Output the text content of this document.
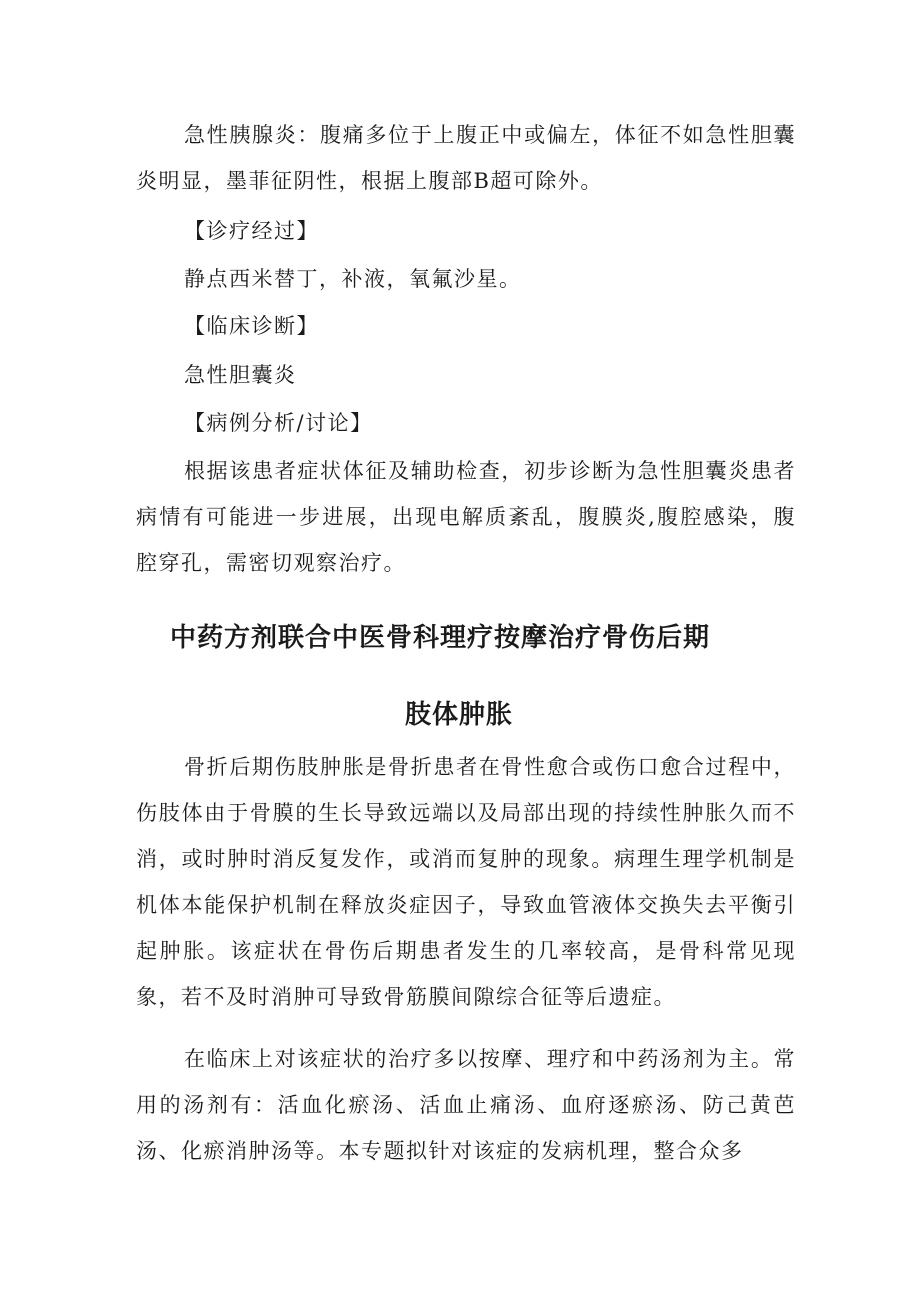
急性胰腺炎：腹痛多位于上腹正中或偏左，体征不如急性胆囊炎明显，墨菲征阴性，根据上腹部B超可除外。

【诊疗经过】

静点西米替丁，补液，氧氟沙星。

【临床诊断】

急性胆囊炎

【病例分析/讨论】

根据该患者症状体征及辅助检查，初步诊断为急性胆囊炎患者病情有可能进一步进展，出现电解质紊乱，腹膜炎,腹腔感染，腹腔穿孔，需密切观察治疗。

中药方剂联合中医骨科理疗按摩治疗骨伤后期
肢体肿胀

骨折后期伤肢肿胀是骨折患者在骨性愈合或伤口愈合过程中，伤肢体由于骨膜的生长导致远端以及局部出现的持续性肿胀久而不消，或时肿时消反复发作，或消而复肿的现象。病理生理学机制是机体本能保护机制在释放炎症因子，导致血管液体交换失去平衡引起肿胀。该症状在骨伤后期患者发生的几率较高，是骨科常见现象，若不及时消肿可导致骨筋膜间隙综合征等后遗症。

在临床上对该症状的治疗多以按摩、理疗和中药汤剂为主。常用的汤剂有：活血化瘀汤、活血止痛汤、血府逐瘀汤、防己黄芭汤、化瘀消肿汤等。本专题拟针对该症的发病机理，整合众多
